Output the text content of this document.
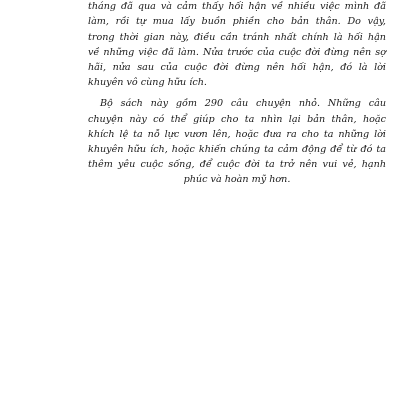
tháng đã qua và cảm thấy hối hận về nhiều việc mình đã
làm, rồi tự mua lấy buồn phiền cho bản thân. Do vậy,
trong thời gian này, điều cần tránh nhất chính là hối hận
về những việc đã làm. Nửa trước của cuộc đời đừng nên sợ
hãi, nửa sau của cuộc đời đừng nên hối hận, đó là lời
khuyên vô cùng hữu ích.
Bộ sách này gồm 290 câu chuyện nhỏ. Những câu
chuyện này có thể giúp cho ta nhìn lại bản thân, hoặc
khích lệ ta nỗ lực vươn lên, hoặc đưa ra cho ta những lời
khuyên hữu ích, hoặc khiến chúng ta cảm động để từ đó ta
thêm yêu cuộc sống, để cuộc đời ta trở nên vui vẻ, hạnh
phúc và hoàn mỹ hơn.
